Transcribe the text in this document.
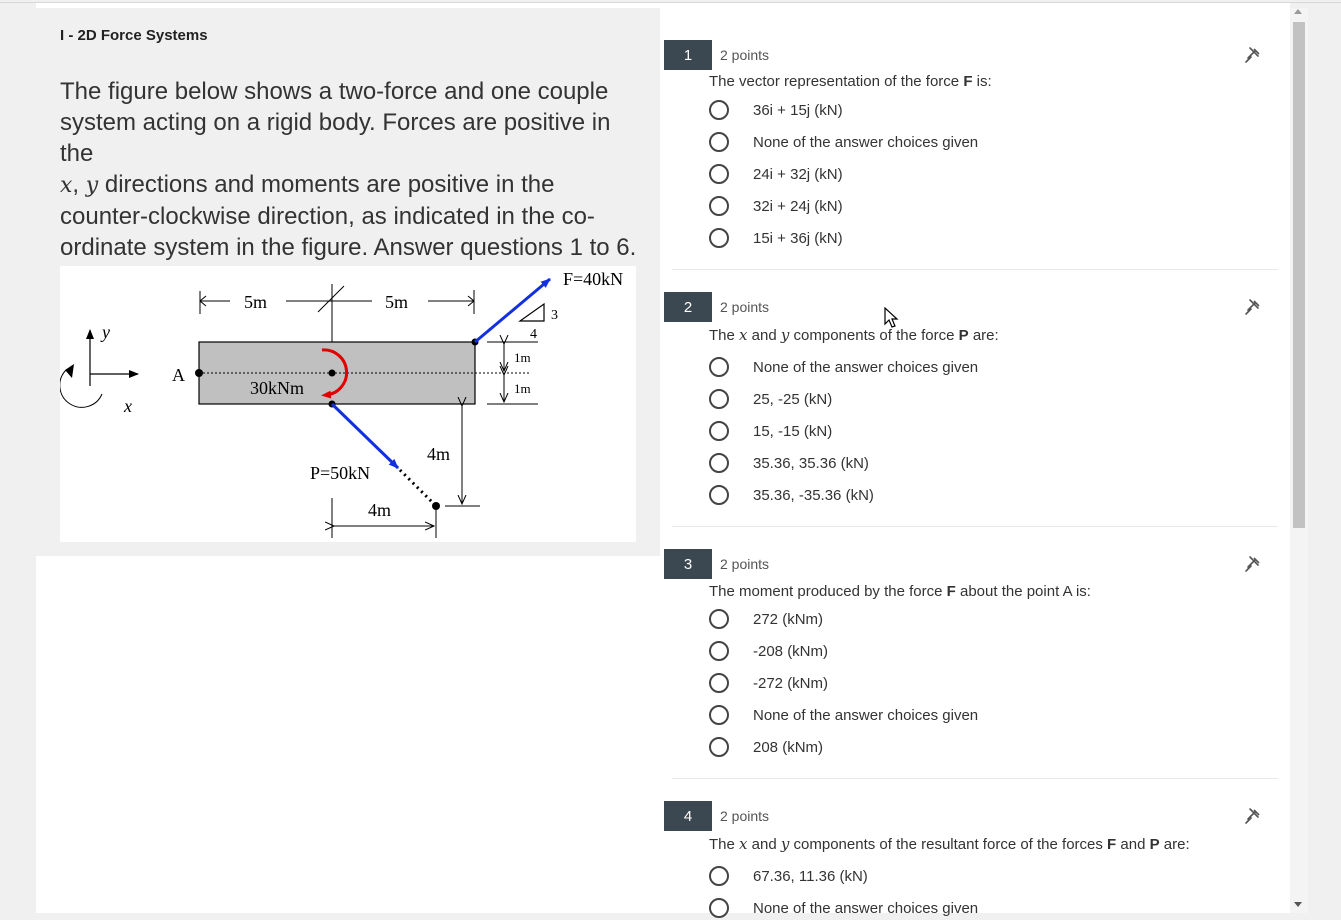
I - 2D Force Systems

The figure below shows a two-force and one couple system acting on a rigid body. Forces are positive in the
x, y directions and moments are positive in the counter-clockwise direction, as indicated in the co-ordinate system in the figure. Answer questions 1 to 6.

5m	5m
y
x
A
30kNm
F=40kN
3
4
1m
1m
P=50kN
4m
4m
1	2 points
The vector representation of the force F is:
36i + 15j (kN)
None of the answer choices given
24i + 32j (kN)
32i + 24j (kN)
15i + 36j (kN)
2	2 points
The x and y components of the force P are:
None of the answer choices given
25, -25 (kN)
15, -15 (kN)
35.36, 35.36 (kN)
35.36, -35.36 (kN)
3	2 points
The moment produced by the force F about the point A is:
272 (kNm)
-208 (kNm)
-272 (kNm)
None of the answer choices given
208 (kNm)
4	2 points
The x and y components of the resultant force of the forces F and P are:
67.36, 11.36 (kN)
None of the answer choices given
